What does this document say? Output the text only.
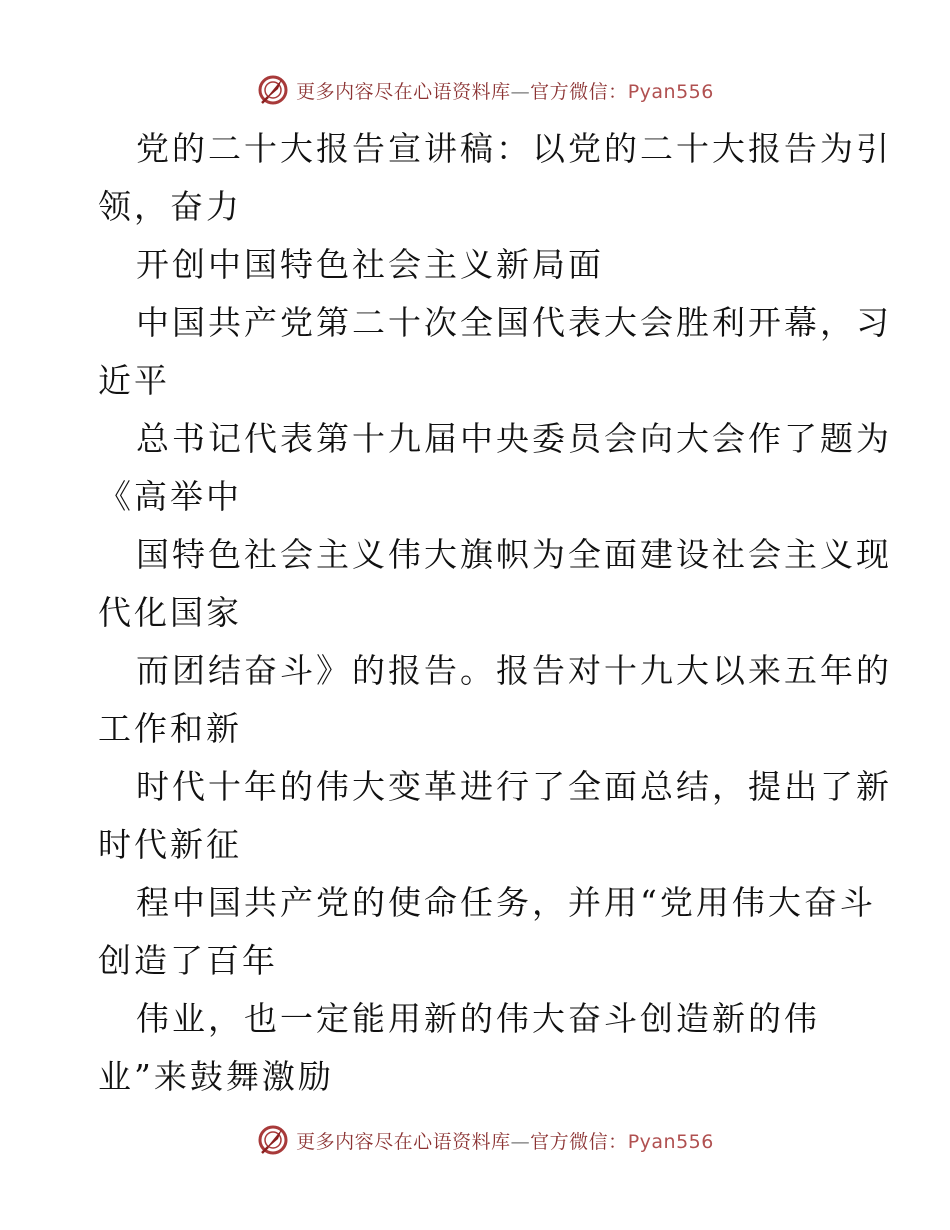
更多内容尽在心语资料库—官方微信：Pyan556
党的二十大报告宣讲稿：以党的二十大报告为引
领，奋力
开创中国特色社会主义新局面
中国共产党第二十次全国代表大会胜利开幕，习
近平
总书记代表第十九届中央委员会向大会作了题为
《高举中
国特色社会主义伟大旗帜为全面建设社会主义现
代化国家
而团结奋斗》的报告。报告对十九大以来五年的
工作和新
时代十年的伟大变革进行了全面总结，提出了新
时代新征
程中国共产党的使命任务，并用“党用伟大奋斗
创造了百年
伟业，也一定能用新的伟大奋斗创造新的伟
业”来鼓舞激励
更多内容尽在心语资料库—官方微信：Pyan556
